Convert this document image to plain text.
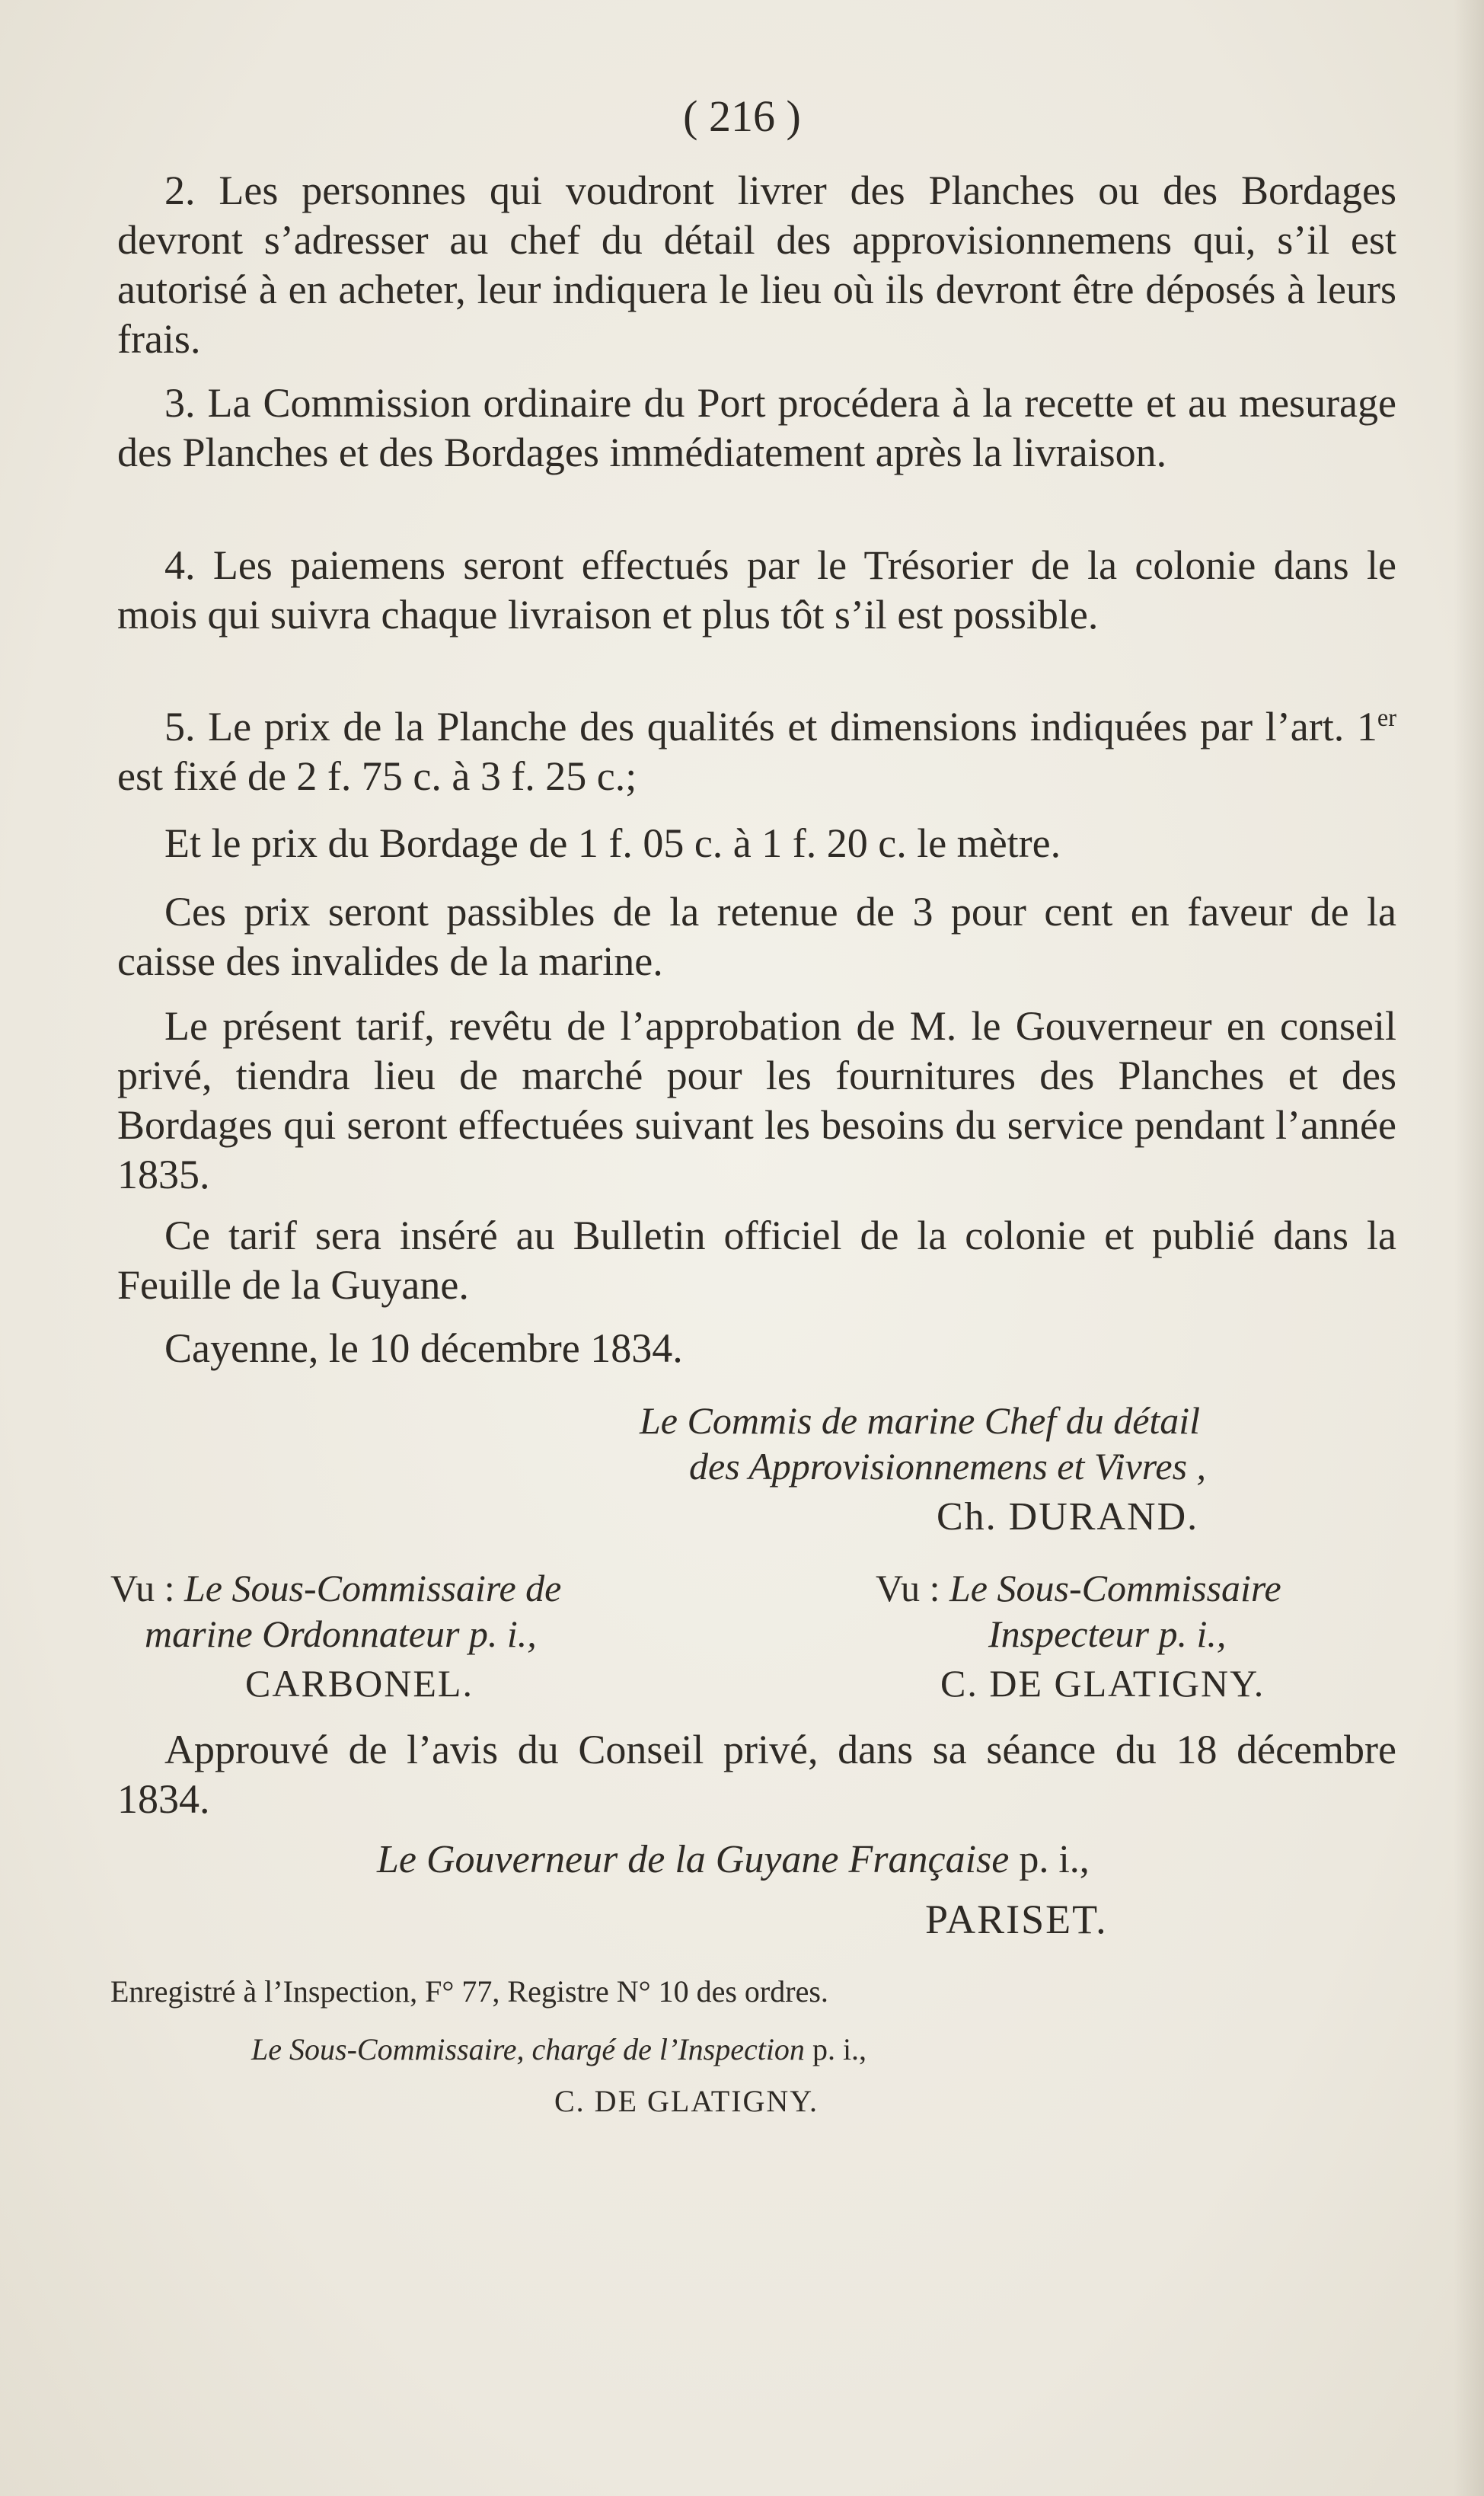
( 216 )

2. Les personnes qui voudront livrer des Planches ou des Bordages devront s’adresser au chef du détail des approvisionnemens qui, s’il est autorisé à en acheter, leur indiquera le lieu où ils devront être déposés à leurs frais.

3. La Commission ordinaire du Port procédera à la recette et au mesurage des Planches et des Bordages immédiatement après la livraison.

4. Les paiemens seront effectués par le Trésorier de la colonie dans le mois qui suivra chaque livraison et plus tôt s’il est possible.

5. Le prix de la Planche des qualités et dimensions indiquées par l’art. 1er est fixé de 2 f. 75 c. à 3 f. 25 c.;

Et le prix du Bordage de 1 f. 05 c. à 1 f. 20 c. le mètre.

Ces prix seront passibles de la retenue de 3 pour cent en faveur de la caisse des invalides de la marine.

Le présent tarif, revêtu de l’approbation de M. le Gouverneur en conseil privé, tiendra lieu de marché pour les fournitures des Planches et des Bordages qui seront effectuées suivant les besoins du service pendant l’année 1835.

Ce tarif sera inséré au Bulletin officiel de la colonie et publié dans la Feuille de la Guyane.

Cayenne, le 10 décembre 1834.

Le Commis de marine Chef du détail

des Approvisionnemens et Vivres ,

Ch. DURAND.

Vu : Le Sous-Commissaire de

marine Ordonnateur p. i.,

CARBONEL.

Vu : Le Sous-Commissaire

Inspecteur p. i.,

C. DE GLATIGNY.

Approuvé de l’avis du Conseil privé, dans sa séance du 18 décembre 1834.

Le Gouverneur de la Guyane Française p. i.,

PARISET.

Enregistré à l’Inspection, F° 77, Registre N° 10 des ordres.

Le Sous-Commissaire, chargé de l’Inspection p. i.,

C. DE GLATIGNY.
